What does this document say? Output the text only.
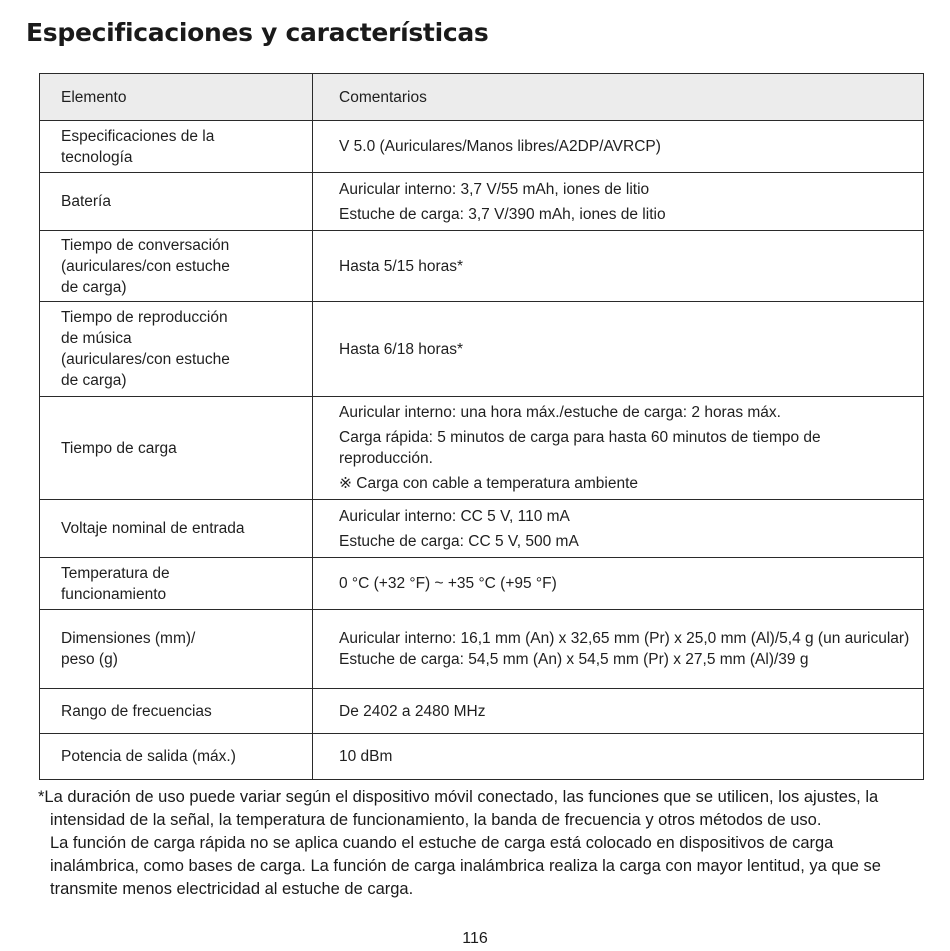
Especificaciones y características
Elemento	Comentarios

Especificaciones de la
tecnología	V 5.0 (Auriculares/Manos libres/A2DP/AVRCP)

Batería	Auricular interno: 3,7 V/55 mAh, iones de litio
Estuche de carga: 3,7 V/390 mAh, iones de litio

Tiempo de conversación
(auriculares/con estuche
de carga)	Hasta 5/15 horas*

Tiempo de reproducción
de música
(auriculares/con estuche
de carga)	Hasta 6/18 horas*

Tiempo de carga	Auricular interno: una hora máx./estuche de carga: 2 horas máx.
Carga rápida: 5 minutos de carga para hasta 60 minutos de tiempo de reproducción.
※ Carga con cable a temperatura ambiente

Voltaje nominal de entrada	Auricular interno: CC 5 V, 110 mA
Estuche de carga: CC 5 V, 500 mA

Temperatura de
funcionamiento	0 °C (+32 °F) ~ +35 °C (+95 °F)

Dimensiones (mm)/
peso (g)	Auricular interno: 16,1 mm (An) x 32,65 mm (Pr) x 25,0 mm (Al)/5,4 g (un auricular)
Estuche de carga: 54,5 mm (An) x 54,5 mm (Pr) x 27,5 mm (Al)/39 g

Rango de frecuencias	De 2402 a 2480 MHz

Potencia de salida (máx.)	10 dBm

*La duración de uso puede variar según el dispositivo móvil conectado, las funciones que se utilicen, los ajustes, la intensidad de la señal, la temperatura de funcionamiento, la banda de frecuencia y otros métodos de uso.

La función de carga rápida no se aplica cuando el estuche de carga está colocado en dispositivos de carga inalámbrica, como bases de carga. La función de carga inalámbrica realiza la carga con mayor lentitud, ya que se transmite menos electricidad al estuche de carga.

116
